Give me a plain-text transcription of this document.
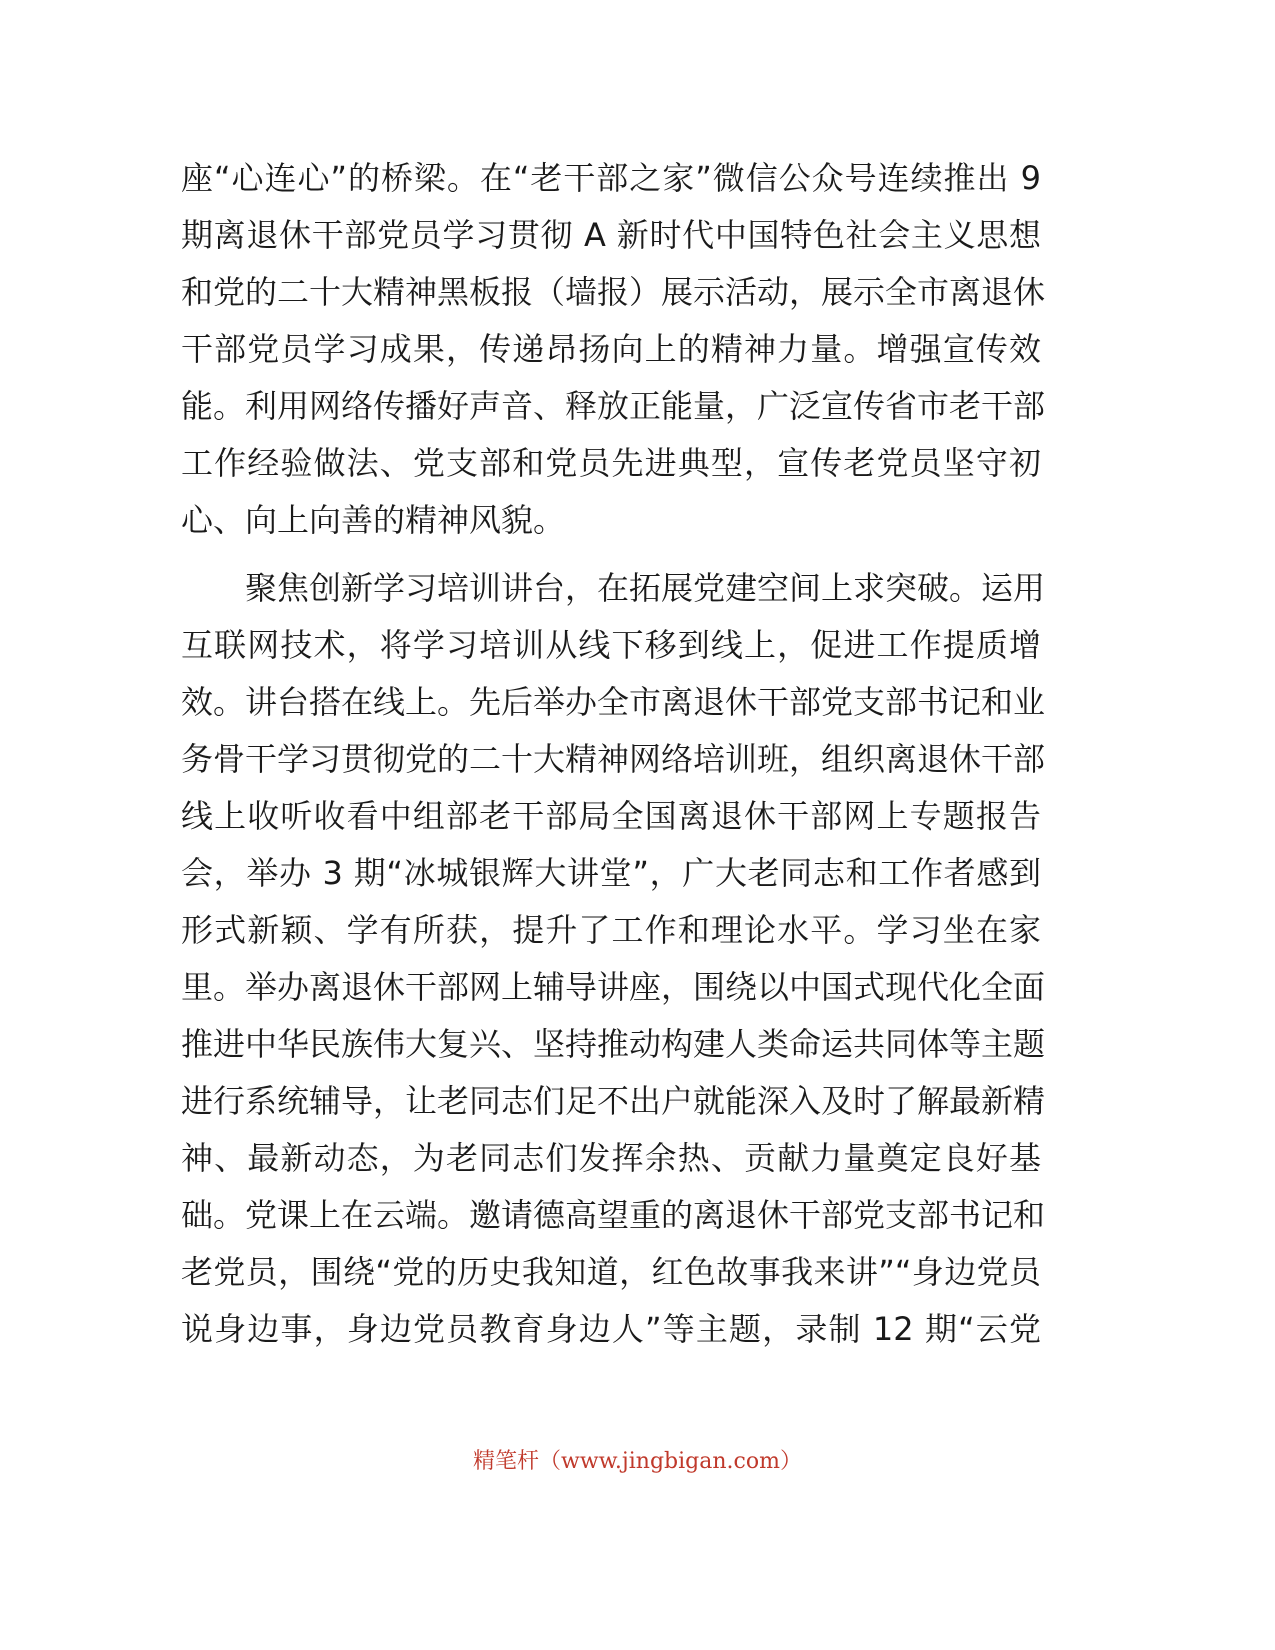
座“心连心”的桥梁。在“老干部之家”微信公众号连续推出 9
期离退休干部党员学习贯彻 A 新时代中国特色社会主义思想
和党的二十大精神黑板报（墙报）展示活动，展示全市离退休
干部党员学习成果，传递昂扬向上的精神力量。增强宣传效
能。利用网络传播好声音、释放正能量，广泛宣传省市老干部
工作经验做法、党支部和党员先进典型，宣传老党员坚守初
心、向上向善的精神风貌。
聚焦创新学习培训讲台，在拓展党建空间上求突破。运用
互联网技术，将学习培训从线下移到线上，促进工作提质增
效。讲台搭在线上。先后举办全市离退休干部党支部书记和业
务骨干学习贯彻党的二十大精神网络培训班，组织离退休干部
线上收听收看中组部老干部局全国离退休干部网上专题报告
会，举办 3 期“冰城银辉大讲堂”，广大老同志和工作者感到
形式新颖、学有所获，提升了工作和理论水平。学习坐在家
里。举办离退休干部网上辅导讲座，围绕以中国式现代化全面
推进中华民族伟大复兴、坚持推动构建人类命运共同体等主题
进行系统辅导，让老同志们足不出户就能深入及时了解最新精
神、最新动态，为老同志们发挥余热、贡献力量奠定良好基
础。党课上在云端。邀请德高望重的离退休干部党支部书记和
老党员，围绕“党的历史我知道，红色故事我来讲”“身边党员
说身边事，身边党员教育身边人”等主题，录制 12 期“云党
精笔杆（www.jingbigan.com）
